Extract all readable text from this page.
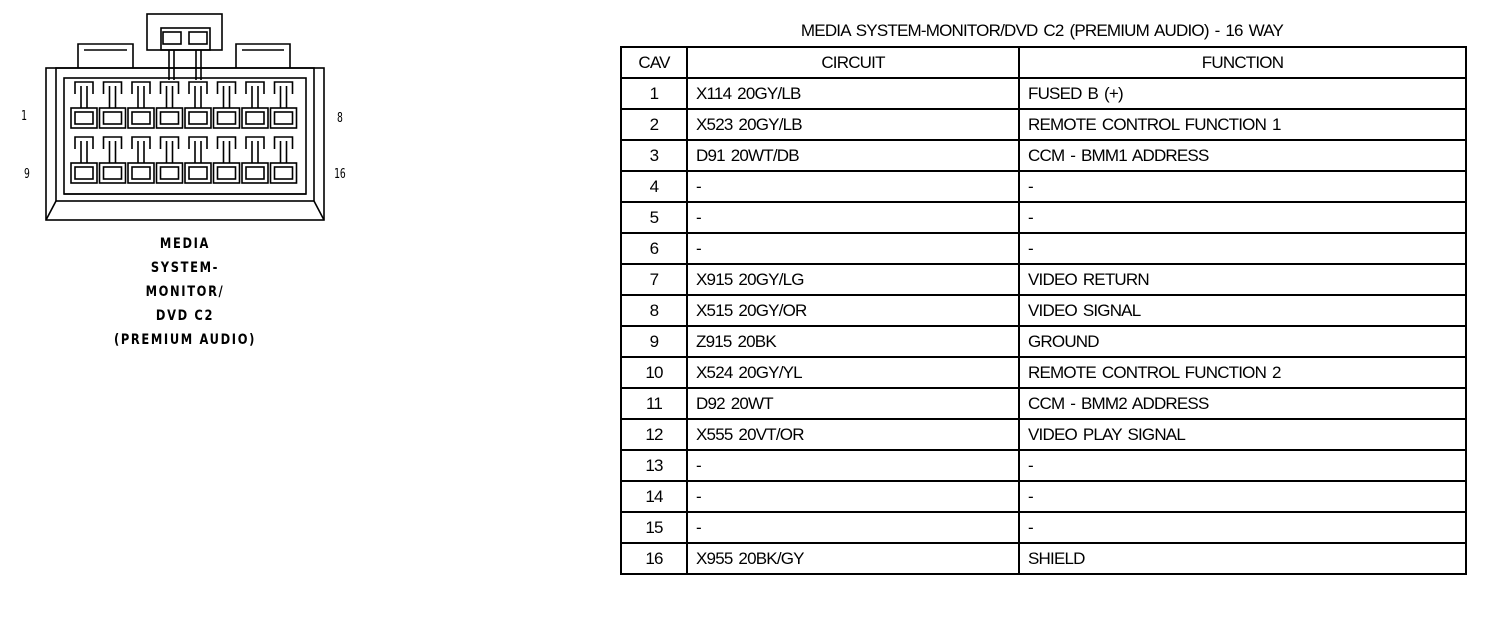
1	8
9	16
MEDIA
SYSTEM-
MONITOR/
DVD C2
(PREMIUM AUDIO)
MEDIA SYSTEM-MONITOR/DVD C2 (PREMIUM AUDIO) - 16 WAY
CAV	CIRCUIT	FUNCTION
1	X114 20GY/LB	FUSED B (+)
2	X523 20GY/LB	REMOTE CONTROL FUNCTION 1
3	D91 20WT/DB	CCM - BMM1 ADDRESS
4	-	-
5	-	-
6	-	-
7	X915 20GY/LG	VIDEO RETURN
8	X515 20GY/OR	VIDEO SIGNAL
9	Z915 20BK	GROUND
10	X524 20GY/YL	REMOTE CONTROL FUNCTION 2
11	D92 20WT	CCM - BMM2 ADDRESS
12	X555 20VT/OR	VIDEO PLAY SIGNAL
13	-	-
14	-	-
15	-	-
16	X955 20BK/GY	SHIELD
